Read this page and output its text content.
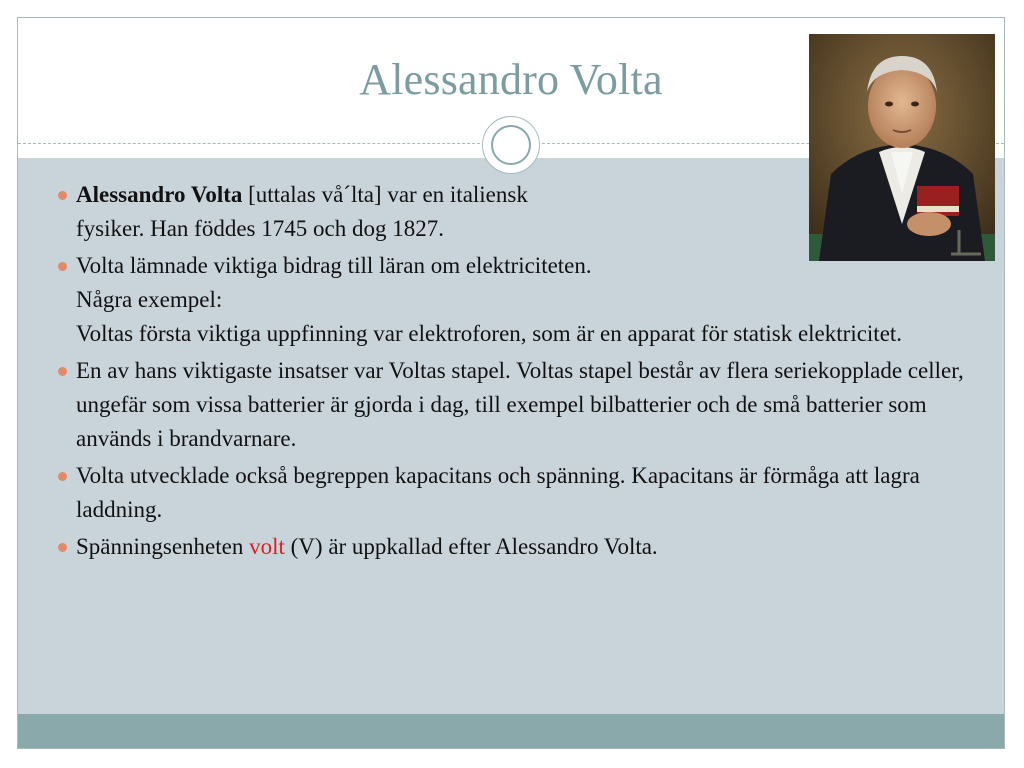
Alessandro Volta
Alessandro Volta [uttalas vå´lta] var en italiensk
fysiker. Han föddes 1745 och dog 1827.
Volta lämnade viktiga bidrag till läran om elektriciteten.
Några exempel:
Voltas första viktiga uppfinning var elektroforen, som är en apparat för statisk elektricitet.
En av hans viktigaste insatser var Voltas stapel. Voltas stapel består av flera seriekopplade celler, ungefär som vissa batterier är gjorda i dag, till exempel bilbatterier och de små batterier som används i brandvarnare.
Volta utvecklade också begreppen kapacitans och spänning. Kapacitans är förmåga att lagra laddning.
Spänningsenheten volt (V) är uppkallad efter Alessandro Volta.
